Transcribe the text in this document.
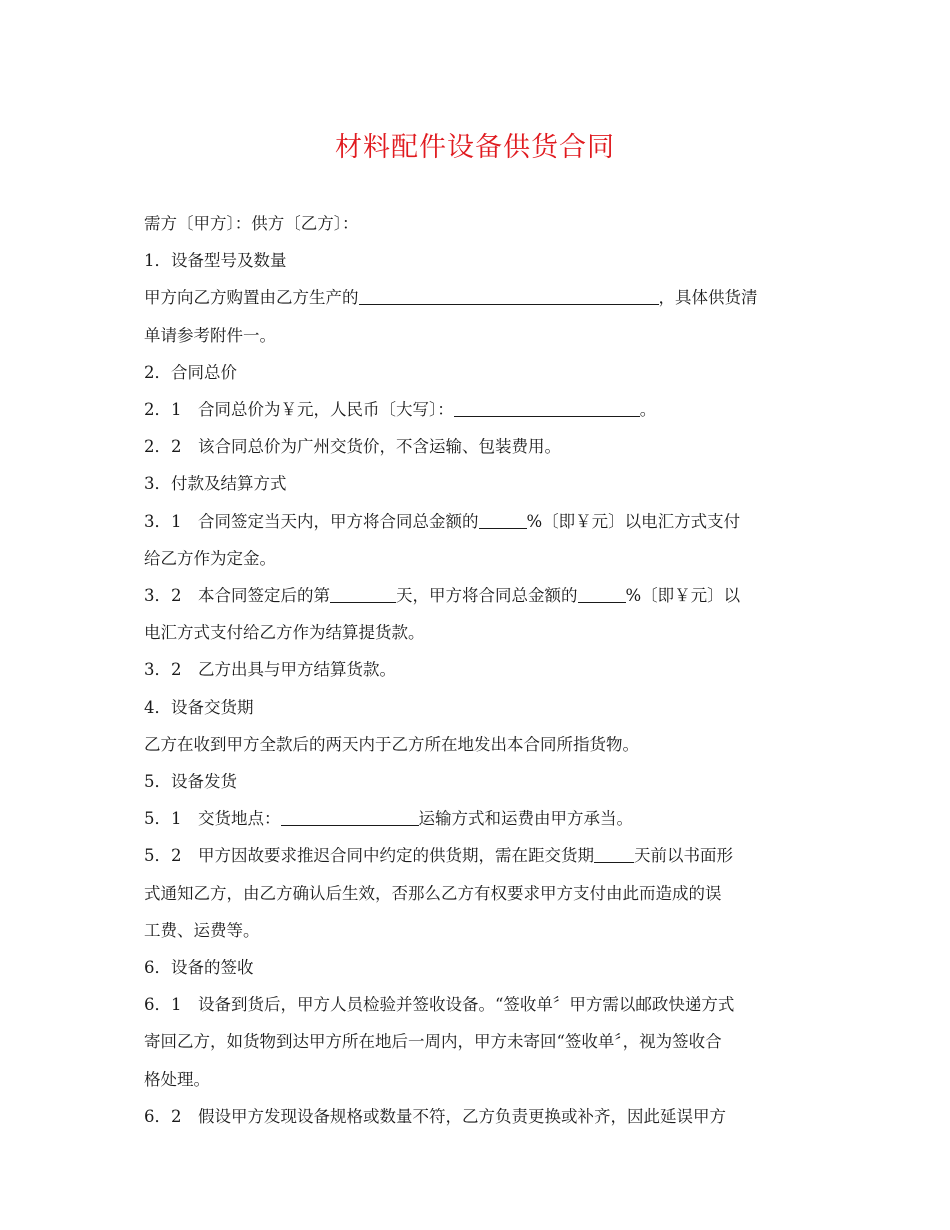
材料配件设备供货合同

需方〔甲方〕：供方〔乙方〕：

1．设备型号及数量

甲方向乙方购置由乙方生产的	，具体供货清

单请参考附件一。

2．合同总价

2．1　合同总价为￥元，人民币〔大写〕：	。

2．2　该合同总价为广州交货价，不含运输、包装费用。

3．付款及结算方式

3．1　合同签定当天内，甲方将合同总金额的	%〔即￥元〕以电汇方式支付

给乙方作为定金。

3．2　本合同签定后的第	天，甲方将合同总金额的	%〔即￥元〕以

电汇方式支付给乙方作为结算提货款。

3．2　乙方出具与甲方结算货款。

4．设备交货期

乙方在收到甲方全款后的两天内于乙方所在地发出本合同所指货物。

5．设备发货

5．1　交货地点：	运输方式和运费由甲方承当。

5．2　甲方因故要求推迟合同中约定的供货期，需在距交货期 天前以书面形

式通知乙方，由乙方确认后生效，否那么乙方有权要求甲方支付由此而造成的误

工费、运费等。

6．设备的签收

6．1　设备到货后，甲方人员检验并签收设备。“签收单〞甲方需以邮政快递方式

寄回乙方，如货物到达甲方所在地后一周内，甲方未寄回“签收单〞，视为签收合

格处理。

6．2　假设甲方发现设备规格或数量不符，乙方负责更换或补齐，因此延误甲方
